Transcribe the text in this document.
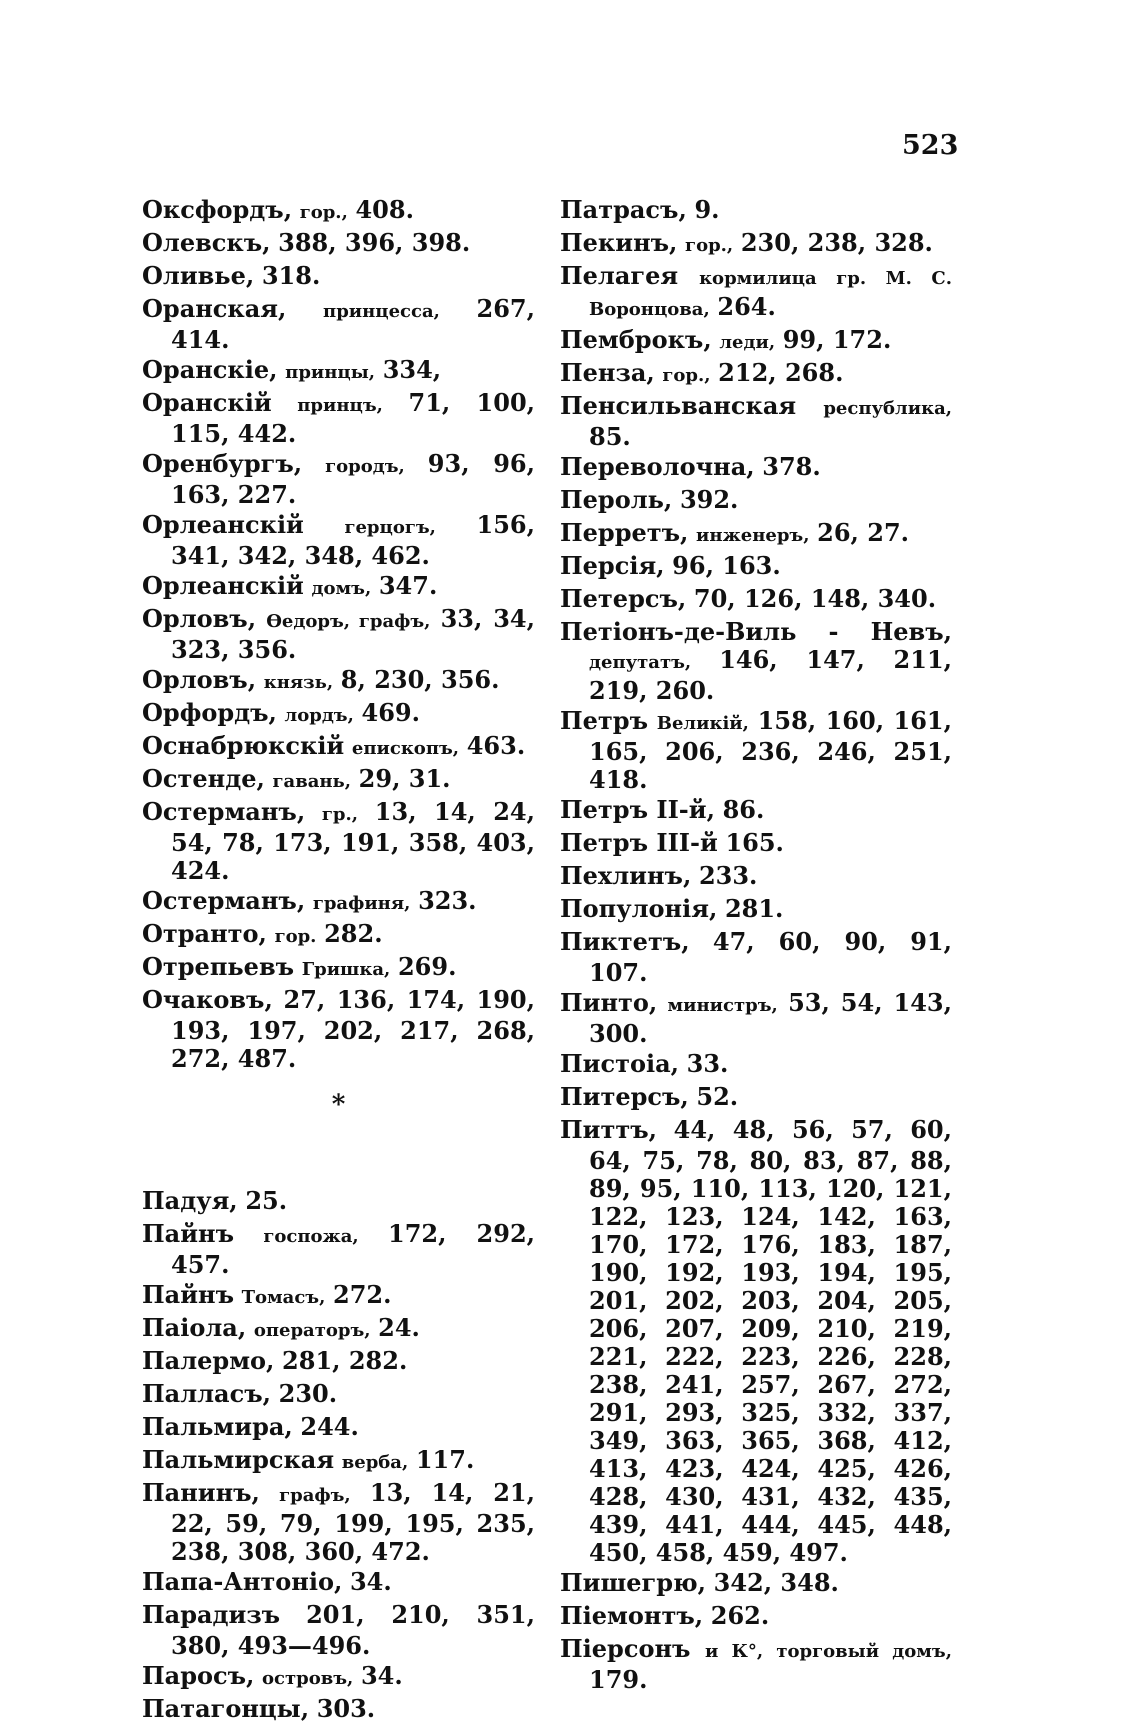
523
Оксфордъ, гор., 408.
Олевскъ, 388, 396, 398.
Оливье, 318.
Оранская, принцесса, 267, 414.
Оранскіе, принцы, 334,
Оранскій принцъ, 71, 100, 115, 442.
Оренбургъ, городъ, 93, 96, 163, 227.
Орлеанскій герцогъ, 156, 341, 342, 348, 462.
Орлеанскій домъ, 347.
Орловъ, Ѳедоръ, графъ, 33, 34, 323, 356.
Орловъ, князь, 8, 230, 356.
Орфордъ, лордъ, 469.
Оснабрюкскій епископъ, 463.
Остенде, гавань, 29, 31.
Остерманъ, гр., 13, 14, 24, 54, 78, 173, 191, 358, 403, 424.
Остерманъ, графиня, 323.
Отранто, гор. 282.
Отрепьевъ Гришка, 269.
Очаковъ, 27, 136, 174, 190, 193, 197, 202, 217, 268, 272, 487.
*
Падуя, 25.
Пайнъ госпожа, 172, 292, 457.
Пайнъ Томасъ, 272.
Паіола, операторъ, 24.
Палермо, 281, 282.
Палласъ, 230.
Пальмира, 244.
Пальмирская верба, 117.
Панинъ, графъ, 13, 14, 21, 22, 59, 79, 199, 195, 235, 238, 308, 360, 472.
Папа-Антоніо, 34.
Парадизъ 201, 210, 351, 380, 493—496.
Паросъ, островъ, 34.
Патагонцы, 303.
Патрасъ, 9.
Пекинъ, гор., 230, 238, 328.
Пелагея кормилица гр. М. С. Воронцова, 264.
Пемброкъ, леди, 99, 172.
Пенза, гор., 212, 268.
Пенсильванская республика, 85.
Переволочна, 378.
Пероль, 392.
Перретъ, инженеръ, 26, 27.
Персія, 96, 163.
Петерсъ, 70, 126, 148, 340.
Петіонъ-де-Виль - Невъ, депутатъ, 146, 147, 211, 219, 260.
Петръ Великій, 158, 160, 161, 165, 206, 236, 246, 251, 418.
Петръ II-й, 86.
Петръ III-й 165.
Пехлинъ, 233.
Популонія, 281.
Пиктетъ, 47, 60, 90, 91, 107.
Пинто, министръ, 53, 54, 143, 300.
Пистоіа, 33.
Питерсъ, 52.
Питтъ, 44, 48, 56, 57, 60, 64, 75, 78, 80, 83, 87, 88, 89, 95, 110, 113, 120, 121, 122, 123, 124, 142, 163, 170, 172, 176, 183, 187, 190, 192, 193, 194, 195, 201, 202, 203, 204, 205, 206, 207, 209, 210, 219, 221, 222, 223, 226, 228, 238, 241, 257, 267, 272, 291, 293, 325, 332, 337, 349, 363, 365, 368, 412, 413, 423, 424, 425, 426, 428, 430, 431, 432, 435, 439, 441, 444, 445, 448, 450, 458, 459, 497.
Пишегрю, 342, 348.
Піемонтъ, 262.
Піерсонъ и К°, торговый домъ, 179.
